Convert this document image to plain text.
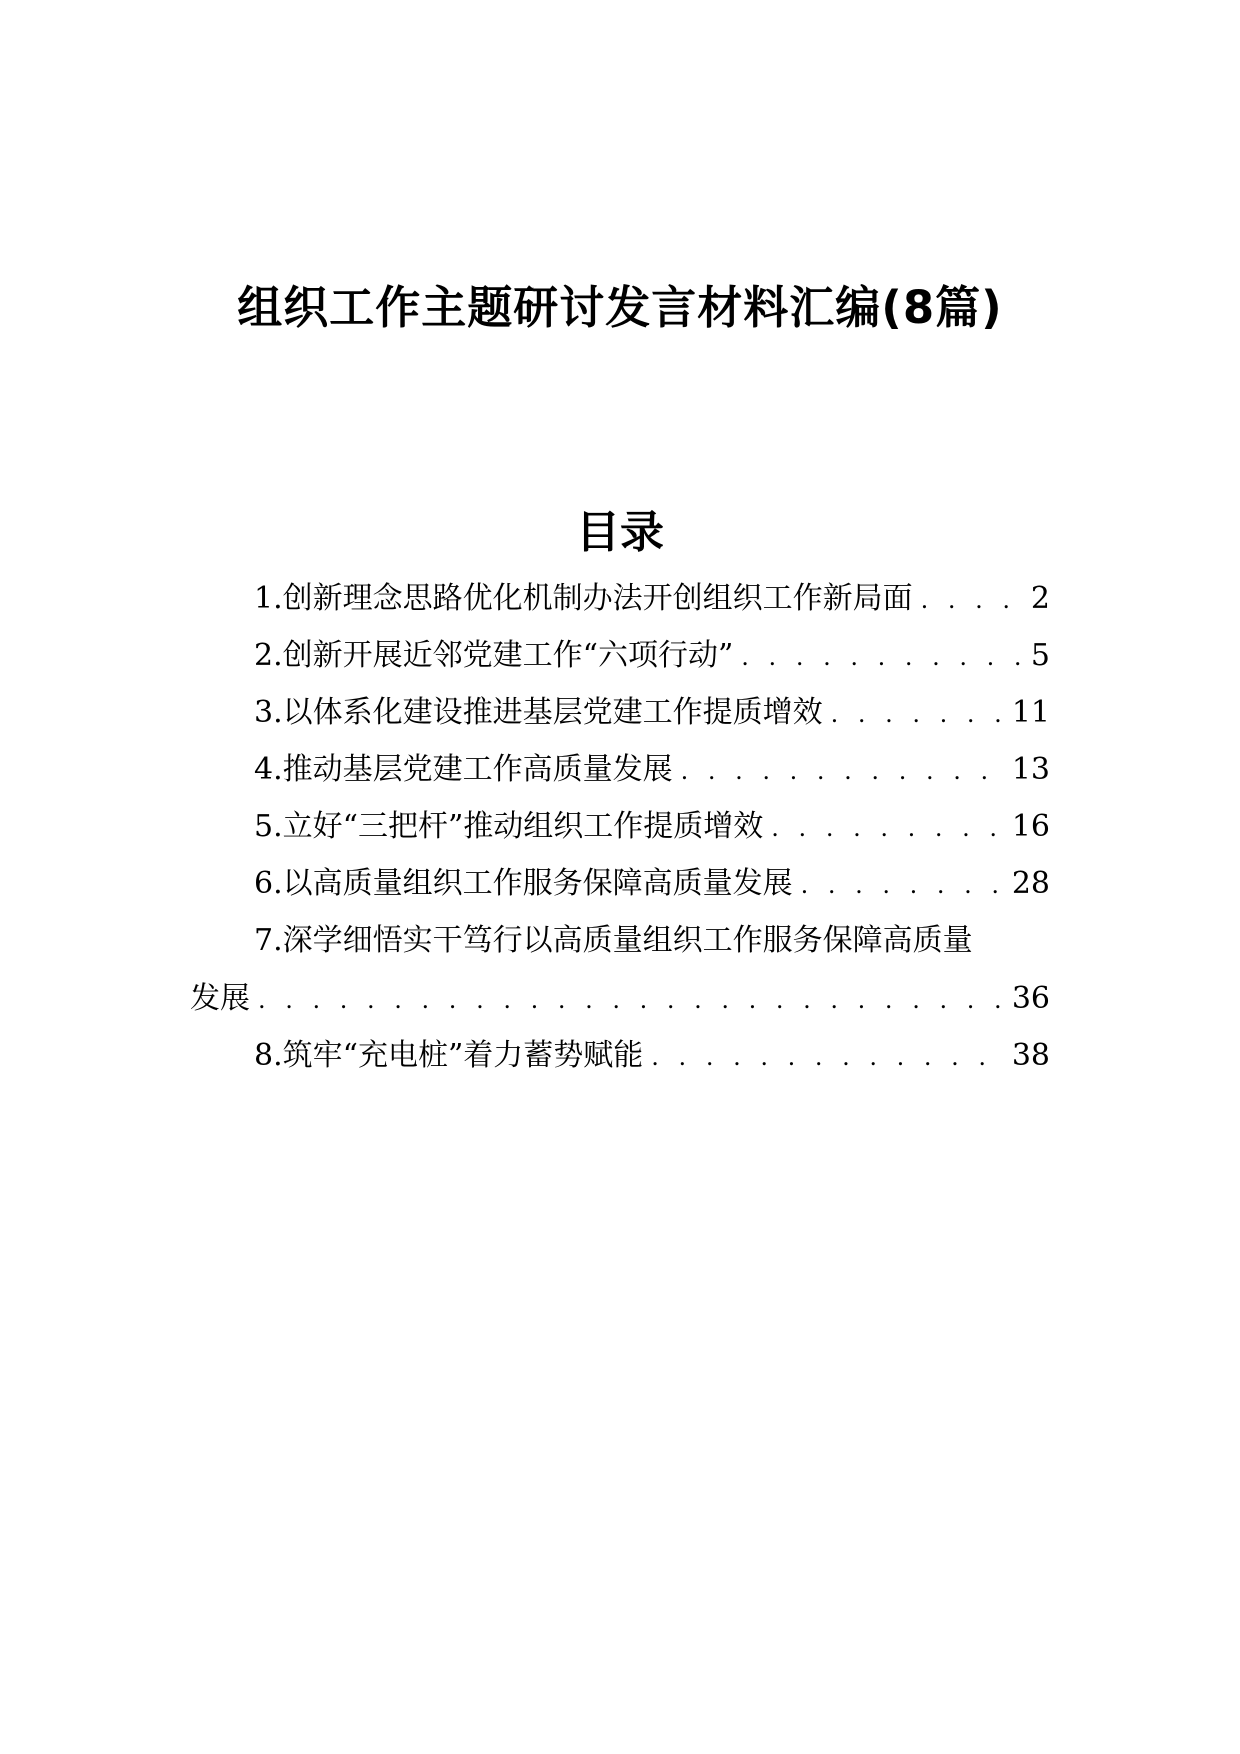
组织工作主题研讨发言材料汇编(8篇)
目录
1.创新理念思路优化机制办法开创组织工作新局面 . . .	2
2.创新开展近邻党建工作“六项行动” . . .	5
3.以体系化建设推进基层党建工作提质增效 . . .	11
4.推动基层党建工作高质量发展 . . .	13
5.立好“三把杆”推动组织工作提质增效 . . .	16
6.以高质量组织工作服务保障高质量发展 . . .	28
7.深学细悟实干笃行以高质量组织工作服务保障高质量
发展 . . .	36
8.筑牢“充电桩”着力蓄势赋能 . . .	38
